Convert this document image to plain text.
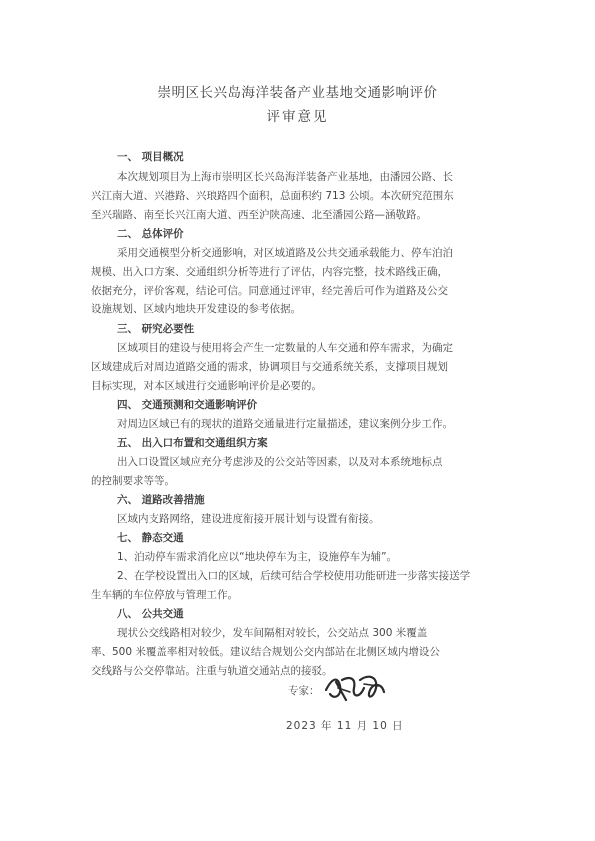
崇明区长兴岛海洋装备产业基地交通影响评价
评审意见
一、 项目概况
本次规划项目为上海市崇明区长兴岛海洋装备产业基地，由潘园公路、长
兴江南大道、兴港路、兴琅路四个面积，总面积约 713 公顷。本次研究范围东
至兴瑞路、南至长兴江南大道、西至沪陕高速、北至潘园公路—涵敬路。
二、 总体评价
采用交通模型分析交通影响，对区域道路及公共交通承载能力、停车泊泊
规模、出入口方案、交通组织分析等进行了评估，内容完整，技术路线正确，
依据充分，评价客观，结论可信。同意通过评审，经完善后可作为道路及公交
设施规划、区域内地块开发建设的参考依据。
三、 研究必要性
区域项目的建设与使用将会产生一定数量的人车交通和停车需求，为确定
区域建成后对周边道路交通的需求，协调项目与交通系统关系，支撑项目规划
目标实现，对本区域进行交通影响评价是必要的。
四、 交通预测和交通影响评价
对周边区域已有的现状的道路交通量进行定量描述，建议案例分步工作。
五、 出入口布置和交通组织方案
出入口设置区域应充分考虑涉及的公交站等因素，以及对本系统地标点
的控制要求等等。
六、 道路改善措施
区域内支路网络，建设进度衔接开展计划与设置有衔接。
七、 静态交通
1、泊动停车需求消化应以“地块停车为主，设施停车为辅”。
2、在学校设置出入口的区域，后续可结合学校使用功能研进一步落实接送学
生车辆的车位停放与管理工作。
八、 公共交通
现状公交线路相对较少，发车间隔相对较长，公交站点 300 米覆盖
率、500 米覆盖率相对较低。建议结合规划公交内部站在北侧区域内增设公
交线路与公交停靠站。注重与轨道交通站点的接驳。
专家：
2023 年 11 月 10 日
